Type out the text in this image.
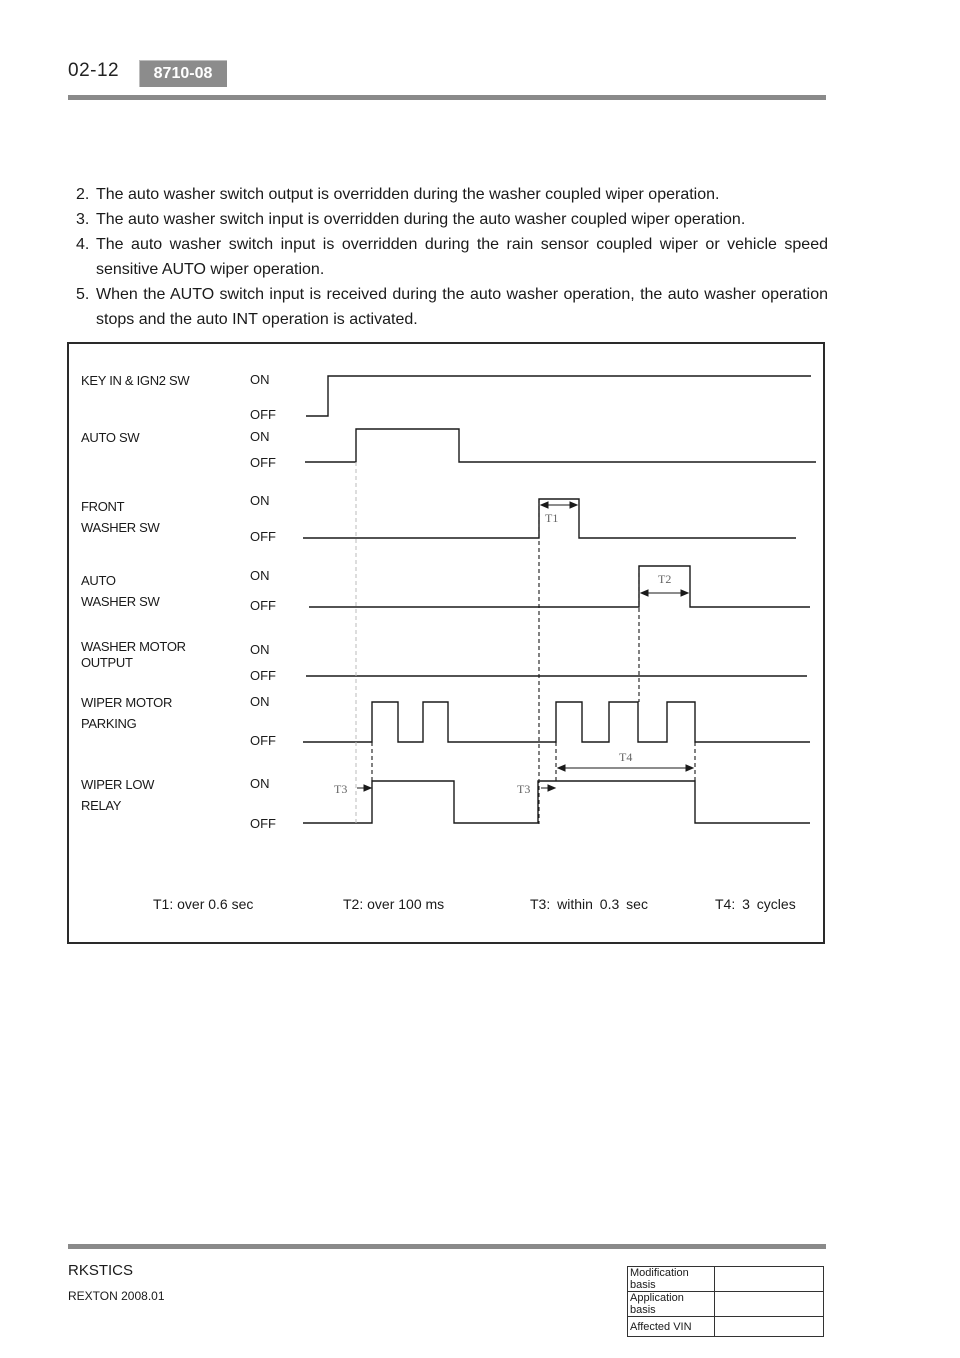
02-12	8710-08
2. The auto washer switch output is overridden during the washer coupled wiper operation.
3. The auto washer switch input is overridden during the auto washer coupled wiper operation.
4. The auto washer switch input is overridden during the rain sensor coupled wiper or vehicle speed sensitive AUTO wiper operation.
5. When the AUTO switch input is received during the auto washer operation, the auto washer operation stops and the auto INT operation is activated.
KEY IN & IGN2 SW
AUTO SW
FRONT
WASHER SW
AUTO
WASHER SW
WASHER MOTOR
OUTPUT
WIPER MOTOR
PARKING
WIPER LOW
RELAY
ON
OFF
ON
OFF
ON
OFF
ON
OFF
ON
OFF
ON
OFF
ON
OFF
T1
T2
T4
T3	T3
T1: over 0.6 sec	T2: over 100 ms	T3: within 0.3 sec	T4: 3 cycles
RKSTICS
REXTON 2008.01
Modification basis	
Application basis	
Affected VIN	
